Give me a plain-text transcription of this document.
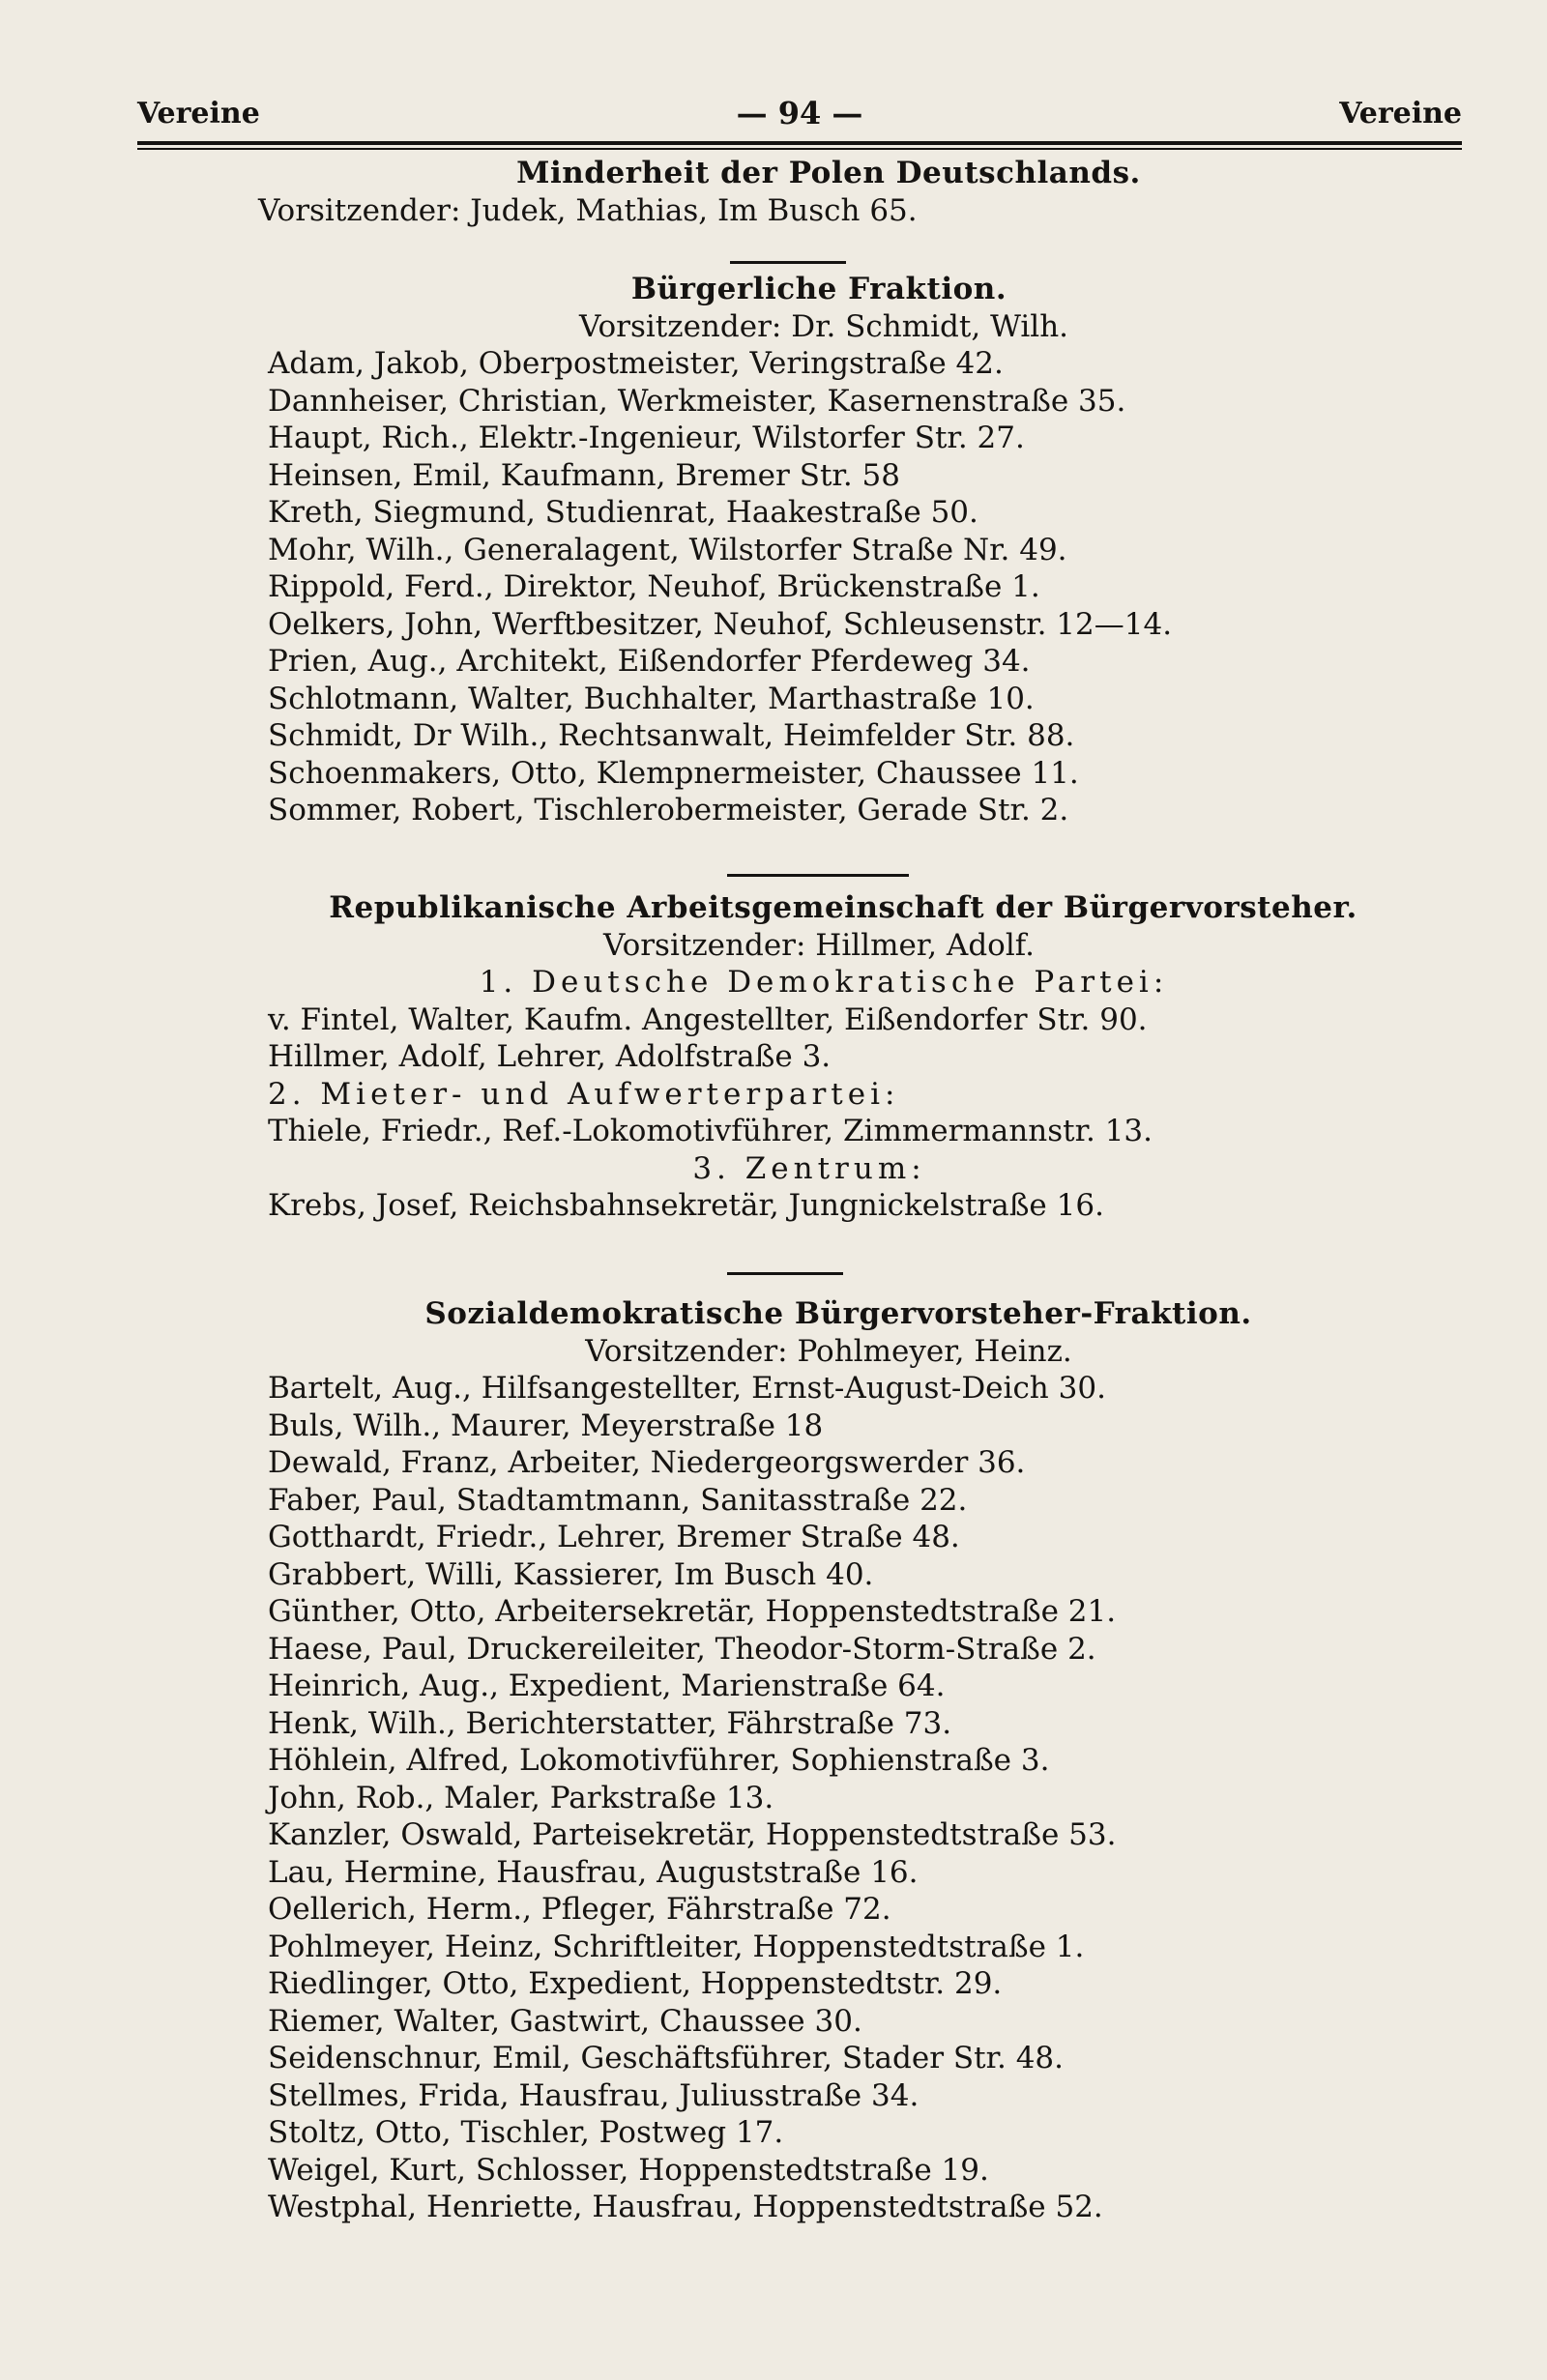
Vereine	— 94 —	Vereine
Minderheit der Polen Deutschlands.
Vorsitzender: Judek, Mathias, Im Busch 65.
Bürgerliche Fraktion.
Vorsitzender: Dr. Schmidt, Wilh.
Adam, Jakob, Oberpostmeister, Veringstraße 42.
Dannheiser, Christian, Werkmeister, Kasernenstraße 35.
Haupt, Rich., Elektr.-Ingenieur, Wilstorfer Str. 27.
Heinsen, Emil, Kaufmann, Bremer Str. 58
Kreth, Siegmund, Studienrat, Haakestraße 50.
Mohr, Wilh., Generalagent, Wilstorfer Straße Nr. 49.
Rippold, Ferd., Direktor, Neuhof, Brückenstraße 1.
Oelkers, John, Werftbesitzer, Neuhof, Schleusenstr. 12—14.
Prien, Aug., Architekt, Eißendorfer Pferdeweg 34.
Schlotmann, Walter, Buchhalter, Marthastraße 10.
Schmidt, Dr Wilh., Rechtsanwalt, Heimfelder Str. 88.
Schoenmakers, Otto, Klempnermeister, Chaussee 11.
Sommer, Robert, Tischlerobermeister, Gerade Str. 2.
Republikanische Arbeitsgemeinschaft der Bürgervorsteher.
Vorsitzender: Hillmer, Adolf.
1. Deutsche Demokratische Partei:
v. Fintel, Walter, Kaufm. Angestellter, Eißendorfer Str. 90.
Hillmer, Adolf, Lehrer, Adolfstraße 3.
2. Mieter- und Aufwerterpartei:
Thiele, Friedr., Ref.-Lokomotivführer, Zimmermannstr. 13.
3. Zentrum:
Krebs, Josef, Reichsbahnsekretär, Jungnickelstraße 16.
Sozialdemokratische Bürgervorsteher-Fraktion.
Vorsitzender: Pohlmeyer, Heinz.
Bartelt, Aug., Hilfsangestellter, Ernst-August-Deich 30.
Buls, Wilh., Maurer, Meyerstraße 18
Dewald, Franz, Arbeiter, Niedergeorgswerder 36.
Faber, Paul, Stadtamtmann, Sanitasstraße 22.
Gotthardt, Friedr., Lehrer, Bremer Straße 48.
Grabbert, Willi, Kassierer, Im Busch 40.
Günther, Otto, Arbeitersekretär, Hoppenstedtstraße 21.
Haese, Paul, Druckereileiter, Theodor-Storm-Straße 2.
Heinrich, Aug., Expedient, Marienstraße 64.
Henk, Wilh., Berichterstatter, Fährstraße 73.
Höhlein, Alfred, Lokomotivführer, Sophienstraße 3.
John, Rob., Maler, Parkstraße 13.
Kanzler, Oswald, Parteisekretär, Hoppenstedtstraße 53.
Lau, Hermine, Hausfrau, Auguststraße 16.
Oellerich, Herm., Pfleger, Fährstraße 72.
Pohlmeyer, Heinz, Schriftleiter, Hoppenstedtstraße 1.
Riedlinger, Otto, Expedient, Hoppenstedtstr. 29.
Riemer, Walter, Gastwirt, Chaussee 30.
Seidenschnur, Emil, Geschäftsführer, Stader Str. 48.
Stellmes, Frida, Hausfrau, Juliusstraße 34.
Stoltz, Otto, Tischler, Postweg 17.
Weigel, Kurt, Schlosser, Hoppenstedtstraße 19.
Westphal, Henriette, Hausfrau, Hoppenstedtstraße 52.
